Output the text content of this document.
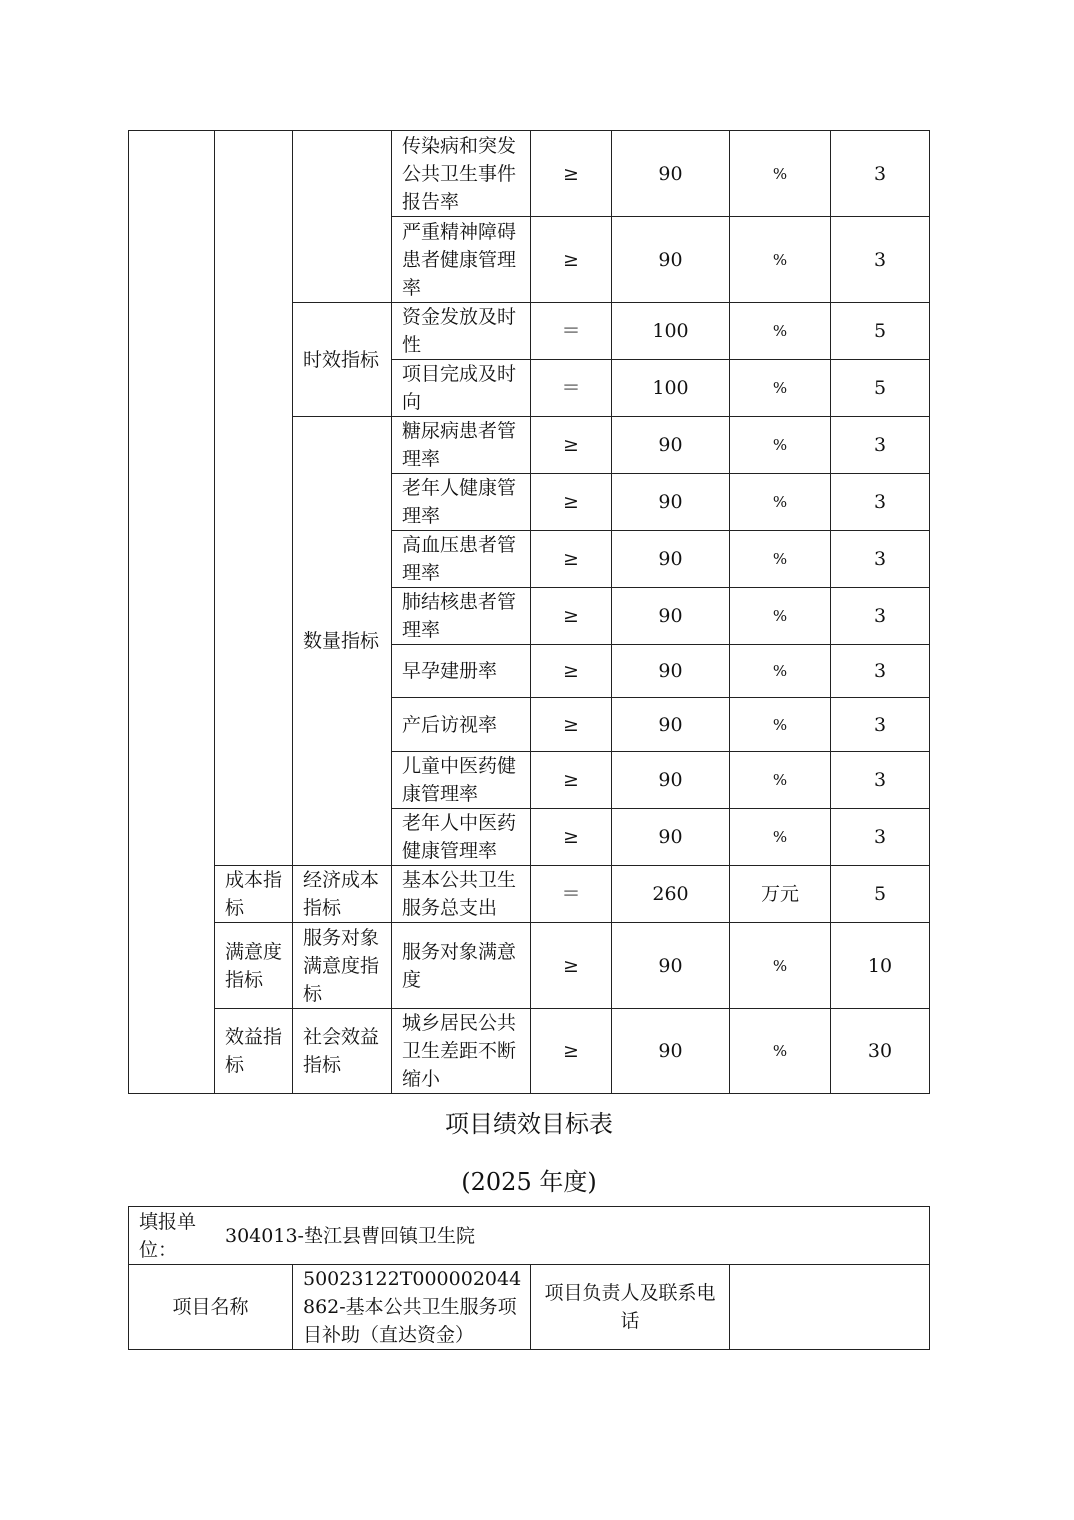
			传染病和突发公共卫生事件报告率	≥	90	%	3
			严重精神障碍患者健康管理率	≥	90	%	3
		时效指标	资金发放及时性	＝	100	%	5
			项目完成及时向	＝	100	%	5
		数量指标	糖尿病患者管理率	≥	90	%	3
			老年人健康管理率	≥	90	%	3
			高血压患者管理率	≥	90	%	3
			肺结核患者管理率	≥	90	%	3
			早孕建册率	≥	90	%	3
			产后访视率	≥	90	%	3
			儿童中医药健康管理率	≥	90	%	3
			老年人中医药健康管理率	≥	90	%	3
	成本指标	经济成本指标	基本公共卫生服务总支出	＝	260	万元	5
	满意度指标	服务对象满意度指标	服务对象满意度	≥	90	%	10
	效益指标	社会效益指标	城乡居民公共卫生差距不断缩小	≥	90	%	30
项目绩效目标表
(2025 年度)
填报单位：
304013-垫江县曹回镇卫生院

项目名称	50023122T000002044862-基本公共卫生服务项目补助（直达资金）	项目负责人及联系电话	
